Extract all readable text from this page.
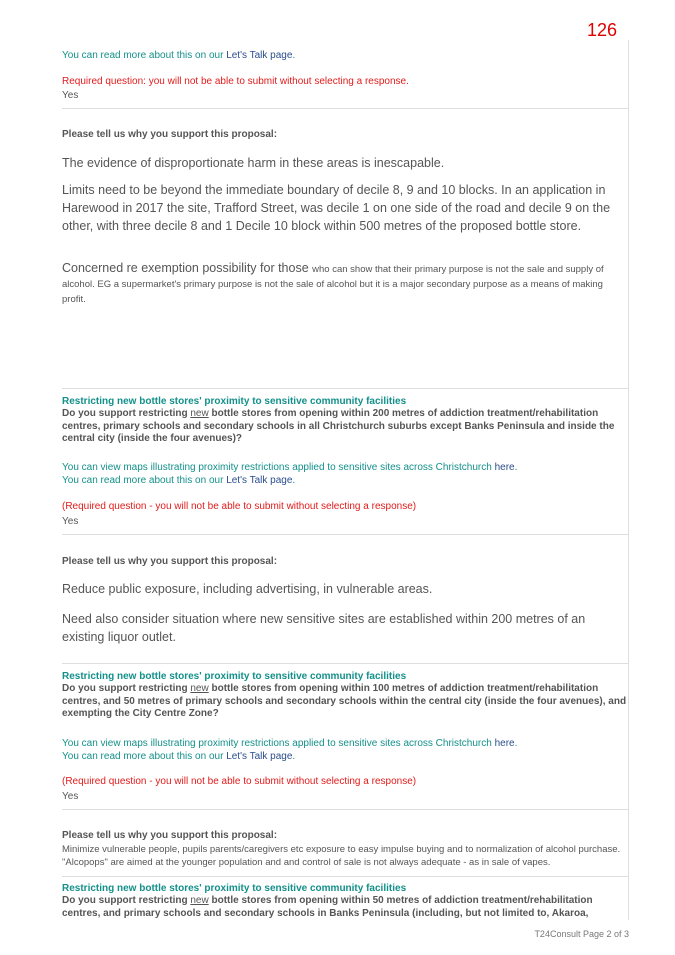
126
You can read more about this on our Let's Talk page.
Required question: you will not be able to submit without selecting a response.
Yes
Please tell us why you support this proposal:
The evidence of disproportionate harm in these areas is inescapable.
Limits need to be beyond the immediate boundary of decile 8, 9 and 10 blocks. In an application in Harewood in 2017 the site, Trafford Street, was decile 1 on one side of the road and decile 9 on the other, with three decile 8 and 1 Decile 10 block within 500 metres of the proposed bottle store.
Concerned re exemption possibility for those who can show that their primary purpose is not the sale and supply of alcohol. EG a supermarket's primary purpose is not the sale of alcohol but it is a major secondary purpose as a means of making profit.
Restricting new bottle stores' proximity to sensitive community facilities
Do you support restricting new bottle stores from opening within 200 metres of addiction treatment/rehabilitation centres, primary schools and secondary schools in all Christchurch suburbs except Banks Peninsula and inside the central city (inside the four avenues)?
You can view maps illustrating proximity restrictions applied to sensitive sites across Christchurch here.
You can read more about this on our Let's Talk page.
(Required question - you will not be able to submit without selecting a response)
Yes
Please tell us why you support this proposal:
Reduce public exposure, including advertising, in vulnerable areas.
Need also consider situation where new sensitive sites are established within 200 metres of an existing liquor outlet.
Restricting new bottle stores' proximity to sensitive community facilities
Do you support restricting new bottle stores from opening within 100 metres of addiction treatment/rehabilitation centres, and 50 metres of primary schools and secondary schools within the central city (inside the four avenues), and exempting the City Centre Zone?
You can view maps illustrating proximity restrictions applied to sensitive sites across Christchurch here.
You can read more about this on our Let's Talk page.
(Required question - you will not be able to submit without selecting a response)
Yes
Please tell us why you support this proposal:
Minimize vulnerable people, pupils parents/caregivers etc exposure to easy impulse buying and to normalization of alcohol purchase. "Alcopops" are aimed at the younger population and and control of sale is not always adequate - as in sale of vapes.
Restricting new bottle stores' proximity to sensitive community facilities
Do you support restricting new bottle stores from opening within 50 metres of addiction treatment/rehabilitation centres, and primary schools and secondary schools in Banks Peninsula (including, but not limited to, Akaroa,
T24Consult Page 2 of 3
